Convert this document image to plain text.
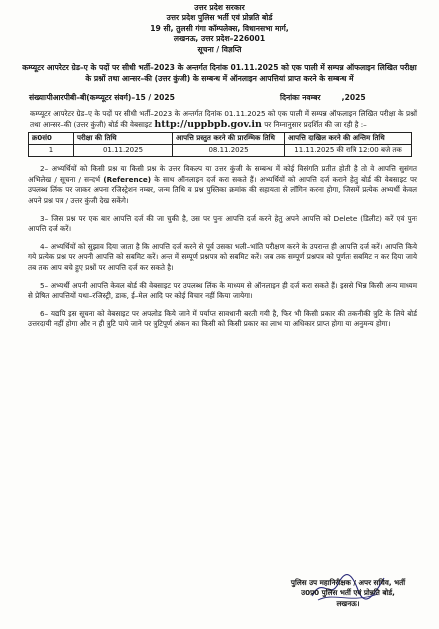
उत्तर प्रदेश सरकार
उत्तर प्रदेश पुलिस भर्ती एवं प्रोन्नति बोर्ड
19 सी, तुलसी गंगा कॉम्पलेक्स, विधानसभा मार्ग,
लखनऊ, उत्तर प्रदेश–226001
सूचना / विज्ञप्ति
कम्प्यूटर आपरेटर ग्रेड–ए के पदों पर सीधी भर्ती–2023 के अन्तर्गत दिनांक 01.11.2025 को एक पाली में सम्पन्न ऑफलाइन लिखित परीक्षा के प्रश्नों तथा आन्सर–की (उत्तर कुंजी) के सम्बन्ध में ऑनलाइन आपत्तियां प्राप्त करने के सम्बन्ध में
संख्याःपीआरपीबी–बी(कम्प्यूटर संवर्ग)–15 / 2025	दिनांकः नवम्बर        ,2025
कम्प्यूटर आपरेटर ग्रेड–ए के पदों पर सीधी भर्ती–2023 के अन्तर्गत दिनांक 01.11.2025 को एक पाली में सम्पन्न ऑफलाइन लिखित परीक्षा के प्रश्नों तथा आन्सर–की (उत्तर कुंजी) बोर्ड की वेबसाइट http://uppbpb.gov.in पर निम्नानुसार प्रदर्शित की जा रही है :–
क्र0सं0	परीक्षा की तिथि	आपत्ति प्रस्तुत करने की प्रारम्भिक तिथि	आपत्ति दाखिल करने की अन्तिम तिथि
1	01.11.2025	08.11.2025	11.11.2025 की रात्रि 12:00 बजे तक
2– अभ्यर्थियों को किसी प्रश्न या किसी प्रश्न के उत्तर विकल्प या उत्तर कुंजी के सम्बन्ध में कोई विसंगति प्रतीत होती है तो वे आपत्ति सुसंगत अभिलेख / सूचना / सन्दर्भ (Reference) के साथ ऑनलाइन दर्ज करा सकते हैं। अभ्यर्थियों को आपत्ति दर्ज कराने हेतु बोर्ड की वेबसाइट पर उपलब्ध लिंक पर जाकर अपना रजिस्ट्रेशन नम्बर, जन्म तिथि व प्रश्न पुस्तिका क्रमांक की सहायता से लॉगिन करना होगा, जिसमें प्रत्येक अभ्यर्थी केवल अपने प्रश्न पत्र / उत्तर कुंजी देख सकेंगे।
3– जिस प्रश्न पर एक बार आपत्ति दर्ज की जा चुकी है, उस पर पुनः आपत्ति दर्ज करने हेतु अपने आपत्ति को Delete (डिलीट) करें एवं पुनः आपत्ति दर्ज करें।
4– अभ्यर्थियों को सुझाव दिया जाता है कि आपत्ति दर्ज करने से पूर्व उसका भली–भांति परीक्षण करने के उपरान्त ही आपत्ति दर्ज करें। आपत्ति किये गये प्रत्येक प्रश्न पर अपनी आपत्ति को सबमिट करें। अन्त में सम्पूर्ण प्रश्नपत्र को सबमिट करें। जब तक सम्पूर्ण प्रश्नपत्र को पूर्णतः सबमिट न कर दिया जाये तब तक आप बचे हुए प्रश्नों पर आपत्ति दर्ज कर सकते है।
5– अभ्यर्थी अपनी आपत्ति केवल बोर्ड की वेबसाइट पर उपलब्ध लिंक के माध्यम से ऑनलाइन ही दर्ज करा सकते हैं। इससे भिन्न किसी अन्य माध्यम से प्रेषित आपत्तियों यथा–रजिस्ट्री, डाक, ई–मेल आदि पर कोई विचार नहीं किया जायेगा।
6– यद्यपि इस सूचना को वेबसाइट पर अपलोड किये जाने में पर्याप्त सावधानी बरती गयी है, फिर भी किसी प्रकार की तकनीकी त्रुटि के लिये बोर्ड उत्तरदायी नहीं होगा और न ही त्रुटि पाये जाने पर त्रुटिपूर्ण अंकन का किसी को किसी प्रकार का लाभ या अधिकार प्राप्त होगा या अनुमन्य होगा।
पुलिस उप महानिरीक्षक / अपर सचिव, भर्ती
उ0प्र0 पुलिस भर्ती एवं प्रोन्नति बोर्ड,
लखनऊ।
